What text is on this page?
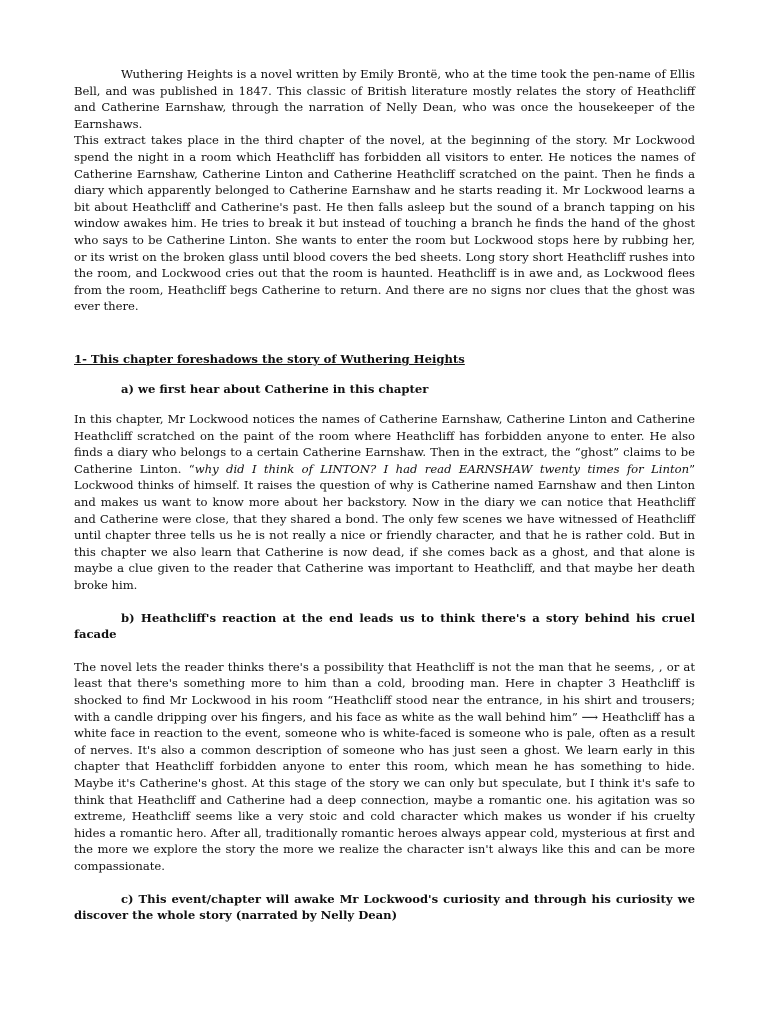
Wuthering Heights is a novel written by Emily Brontë, who at the time took the pen-name of Ellis Bell, and was published in 1847. This classic of British literature mostly relates the story of Heathcliff and Catherine Earnshaw, through the narration of Nelly Dean, who was once the housekeeper of the Earnshaws.

This extract takes place in the third chapter of the novel, at the beginning of the story. Mr Lockwood spend the night in a room which Heathcliff has forbidden all visitors to enter. He notices the names of Catherine Earnshaw, Catherine Linton and Catherine Heathcliff scratched on the paint. Then he finds a diary which apparently belonged to Catherine Earnshaw and he starts reading it. Mr Lockwood learns a bit about Heathcliff and Catherine's past. He then falls asleep but the sound of a branch tapping on his window awakes him. He tries to break it but instead of touching a branch he finds the hand of the ghost who says to be Catherine Linton. She wants to enter the room but Lockwood stops here by rubbing her, or its wrist on the broken glass until blood covers the bed sheets. Long story short Heathcliff rushes into the room, and Lockwood cries out that the room is haunted. Heathcliff is in awe and, as Lockwood flees from the room, Heathcliff begs Catherine to return. And there are no signs nor clues that the ghost was ever there.

1- This chapter foreshadows the story of Wuthering Heights

a) we first hear about Catherine in this chapter

In this chapter, Mr Lockwood notices the names of Catherine Earnshaw, Catherine Linton and Catherine Heathcliff scratched on the paint of the room where Heathcliff has forbidden anyone to enter. He also finds a diary who belongs to a certain Catherine Earnshaw. Then in the extract, the “ghost” claims to be Catherine Linton. “why did I think of LINTON? I had read EARNSHAW twenty times for Linton” Lockwood thinks of himself. It raises the question of why is Catherine named Earnshaw and then Linton and makes us want to know more about her backstory. Now in the diary we can notice that Heathcliff and Catherine were close, that they shared a bond. The only few scenes we have witnessed of Heathcliff until chapter three tells us he is not really a nice or friendly character, and that he is rather cold. But in this chapter we also learn that Catherine is now dead, if she comes back as a ghost, and that alone is maybe a clue given to the reader that Catherine was important to Heathcliff, and that maybe her death broke him.

b) Heathcliff's reaction at the end leads us to think there's a story behind his cruel facade

The novel lets the reader thinks there's a possibility that Heathcliff is not the man that he seems, , or at least that there's something more to him than a cold, brooding man. Here in chapter 3 Heathcliff is shocked to find Mr Lockwood in his room “Heathcliff stood near the entrance, in his shirt and trousers; with a candle dripping over his fingers, and his face as white as the wall behind him” ⟶ Heathcliff has a white face in reaction to the event, someone who is white-faced is someone who is pale, often as a result of nerves. It's also a common description of someone who has just seen a ghost. We learn early in this chapter that Heathcliff forbidden anyone to enter this room, which mean he has something to hide. Maybe it's Catherine's ghost. At this stage of the story we can only but speculate, but I think it's safe to think that Heathcliff and Catherine had a deep connection, maybe a romantic one. his agitation was so extreme, Heathcliff seems like a very stoic and cold character which makes us wonder if his cruelty hides a romantic hero. After all, traditionally romantic heroes always appear cold, mysterious at first and the more we explore the story the more we realize the character isn't always like this and can be more compassionate.

c) This event/chapter will awake Mr Lockwood's curiosity and through his curiosity we discover the whole story (narrated by Nelly Dean)
